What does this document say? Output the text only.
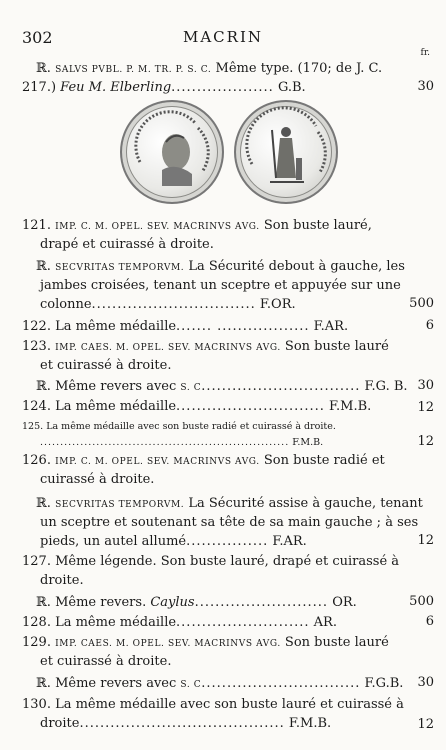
302	MACRIN
fr.
ℝ. SALVS PVBL. P. M. TR. P. S. C. Même type. (170; de J. C.
217.) Feu M. Elberling.................... G.B.	30
121. IMP. C. M. OPEL. SEV. MACRINVS AVG. Son buste lauré,
drapé et cuirassé à droite.
ℝ. SECVRITAS TEMPORVM. La Sécurité debout à gauche, les
jambes croisées, tenant un sceptre et appuyée sur une
colonne................................ F.OR.	500
122. La même médaille....... .................. F.AR.	6
123. IMP. CAES. M. OPEL. SEV. MACRINVS AVG. Son buste lauré
et cuirassé à droite.
ℝ. Même revers avec S. C............................... F.G. B. 30
124. La même médaille............................. F.M.B.	12
125. La même médaille avec son buste radié et cuirassé à droite.
.............................................................. F.M.B.	12
126. IMP. C. M. OPEL. SEV. MACRINVS AVG. Son buste radié et
cuirassé à droite.
ℝ. SECVRITAS TEMPORVM. La Sécurité assise à gauche, tenant
un sceptre et soutenant sa tête de sa main gauche ; à ses
pieds, un autel allumé................ F.AR.	12
127. Même légende. Son buste lauré, drapé et cuirassé à
droite.
ℝ. Même revers. Caylus.......................... OR.	500
128. La même médaille.......................... AR.	6
129. IMP. CAES. M. OPEL. SEV. MACRINVS AVG. Son buste lauré
et cuirassé à droite.
ℝ. Même revers avec S. C............................... F.G.B. 30
130. La même médaille avec son buste lauré et cuirassé à
droite........................................ F.M.B.	12
